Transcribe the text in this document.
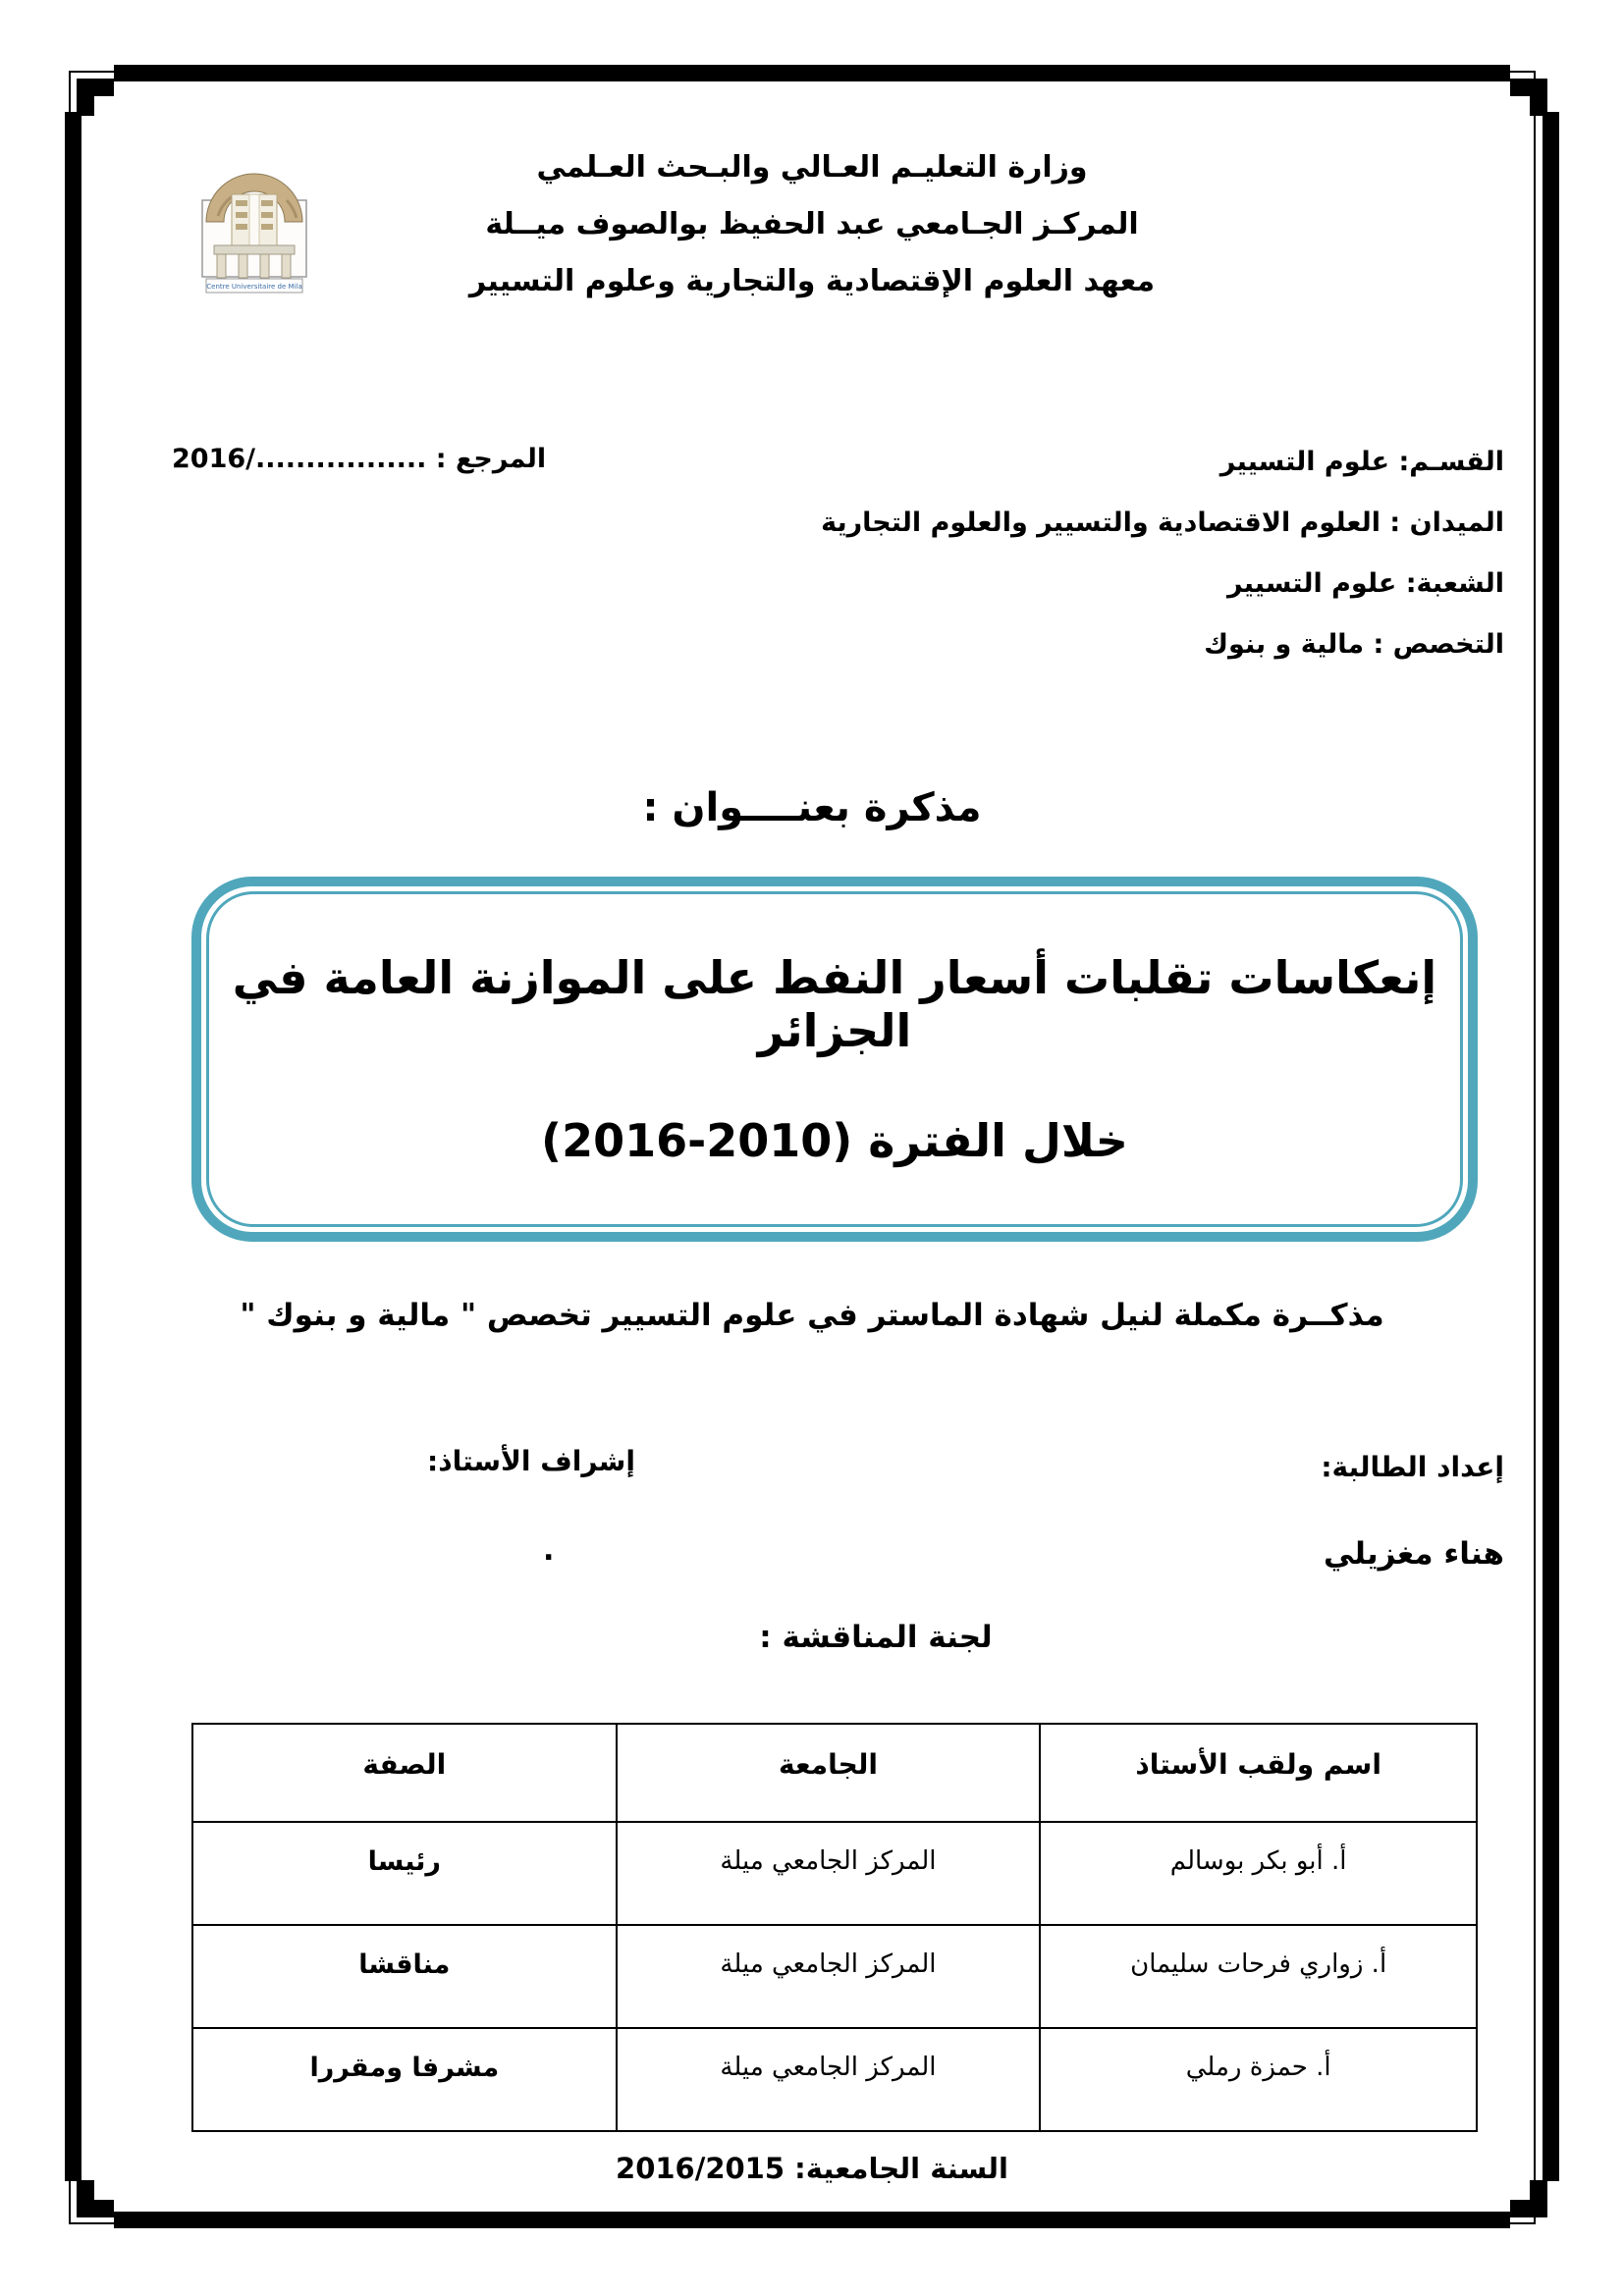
Centre Universitaire de Mila
وزارة التعليـم العـالي والبـحث العـلمي
المركـز الجـامعي عبد الحفيظ بوالصوف ميــلة
معهد العلوم الإقتصادية والتجارية وعلوم التسيير
القسـم: علوم التسيير
الميدان : العلوم الاقتصادية والتسيير والعلوم التجارية
الشعبة: علوم التسيير
التخصص : مالية و بنوك
المرجع : ................./2016
مذكرة بعنــــوان :
إنعكاسات تقلبات أسعار النفط على الموازنة العامة في الجزائر
خلال الفترة (2010‏-‏2016)
مذكــرة مكملة لنيل شهادة الماستر في علوم التسيير تخصص " مالية و بنوك "
إعداد الطالبة:
هناء مغزيلي
إشراف الأستاذ:
.
لجنة المناقشة :
اسم ولقب الأستاذ	الجامعة	الصفة
أ. أبو بكر بوسالم	المركز الجامعي ميلة	رئيسا
أ. زواري فرحات سليمان	المركز الجامعي ميلة	مناقشا
أ. حمزة رملي	المركز الجامعي ميلة	مشرفا ومقررا
السنة الجامعية: 2016/2015
